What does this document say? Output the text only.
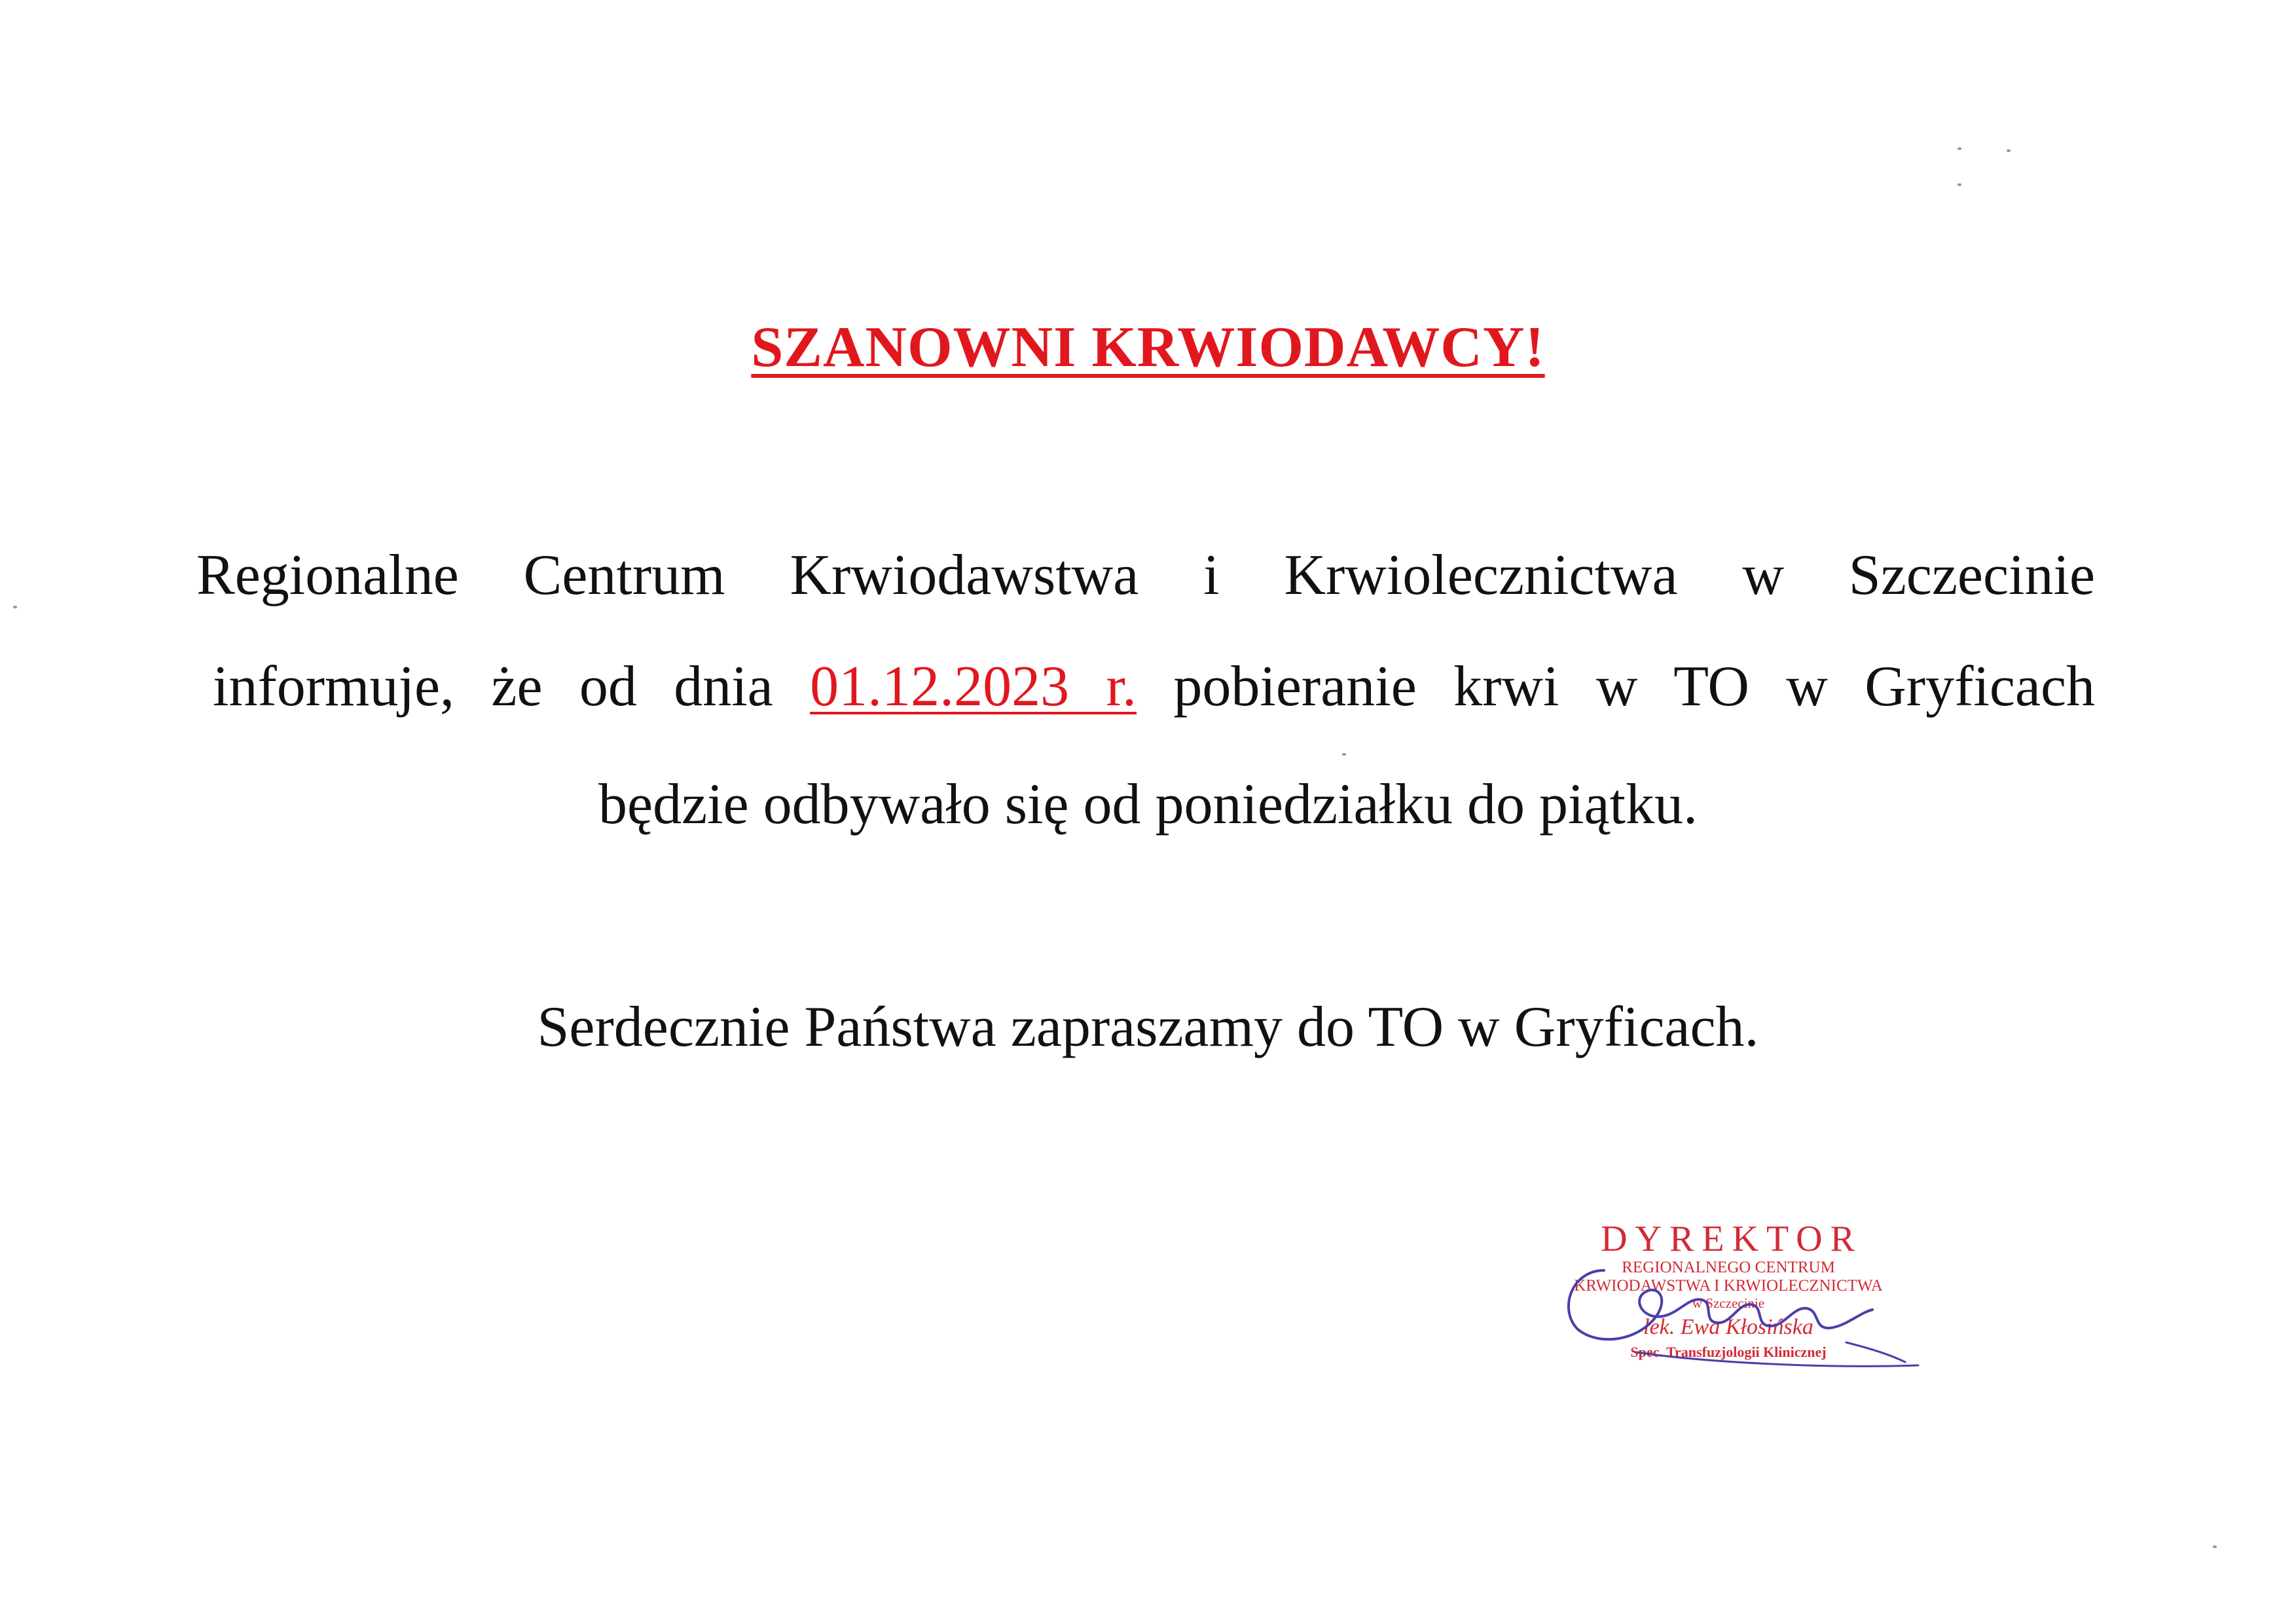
SZANOWNI KRWIODAWCY!
Regionalne Centrum Krwiodawstwa i Krwiolecznictwa w Szczecinie
informuje, że od dnia 01.12.2023 r. pobieranie krwi w TO w Gryficach
będzie odbywało się od poniedziałku do piątku.
Serdecznie Państwa zapraszamy do TO w Gryficach.
DYREKTOR
REGIONALNEGO CENTRUM
KRWIODAWSTWA I KRWIOLECZNICTWA
w Szczecinie
lek. Ewa Kłosińska
Spec. Transfuzjologii Klinicznej
